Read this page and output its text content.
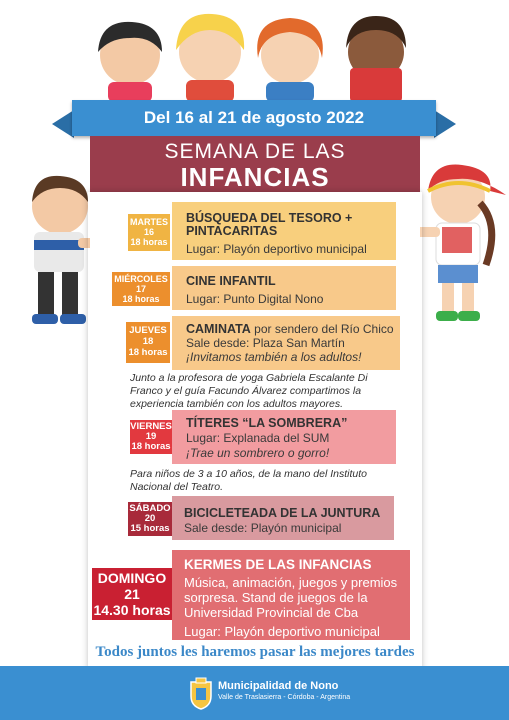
Del 16 al 21 de agosto 2022
SEMANA DE LAS
INFANCIAS
MARTES
16
18 horas
BÚSQUEDA DEL TESORO + PINTACARITAS
Lugar: Playón deportivo municipal
MIÉRCOLES
17
18 horas
CINE INFANTIL
Lugar: Punto Digital Nono
JUEVES
18
18 horas
CAMINATA por sendero del Río Chico
Sale desde: Plaza San Martín
¡Invitamos también a los adultos!
Junto a la profesora de yoga Gabriela Escalante Di Franco y el guía Facundo Álvarez compartimos la experiencia también con los adultos mayores.
VIERNES
19
18 horas
TÍTERES “LA SOMBRERA”
Lugar: Explanada del SUM
¡Trae un sombrero o gorro!
Para niños de 3 a 10 años, de la mano del Instituto Nacional del Teatro.
SÁBADO
20
15 horas
BICICLETEADA DE LA JUNTURA
Sale desde: Playón municipal
DOMINGO
21
14.30 horas
KERMES DE LAS INFANCIAS
Música, animación, juegos y premios
sorpresa. Stand de juegos de la
Universidad Provincial de Cba
Lugar: Playón deportivo municipal
Todos juntos les haremos pasar las mejores tardes
Municipalidad de Nono
Valle de Traslasierra - Córdoba - Argentina
